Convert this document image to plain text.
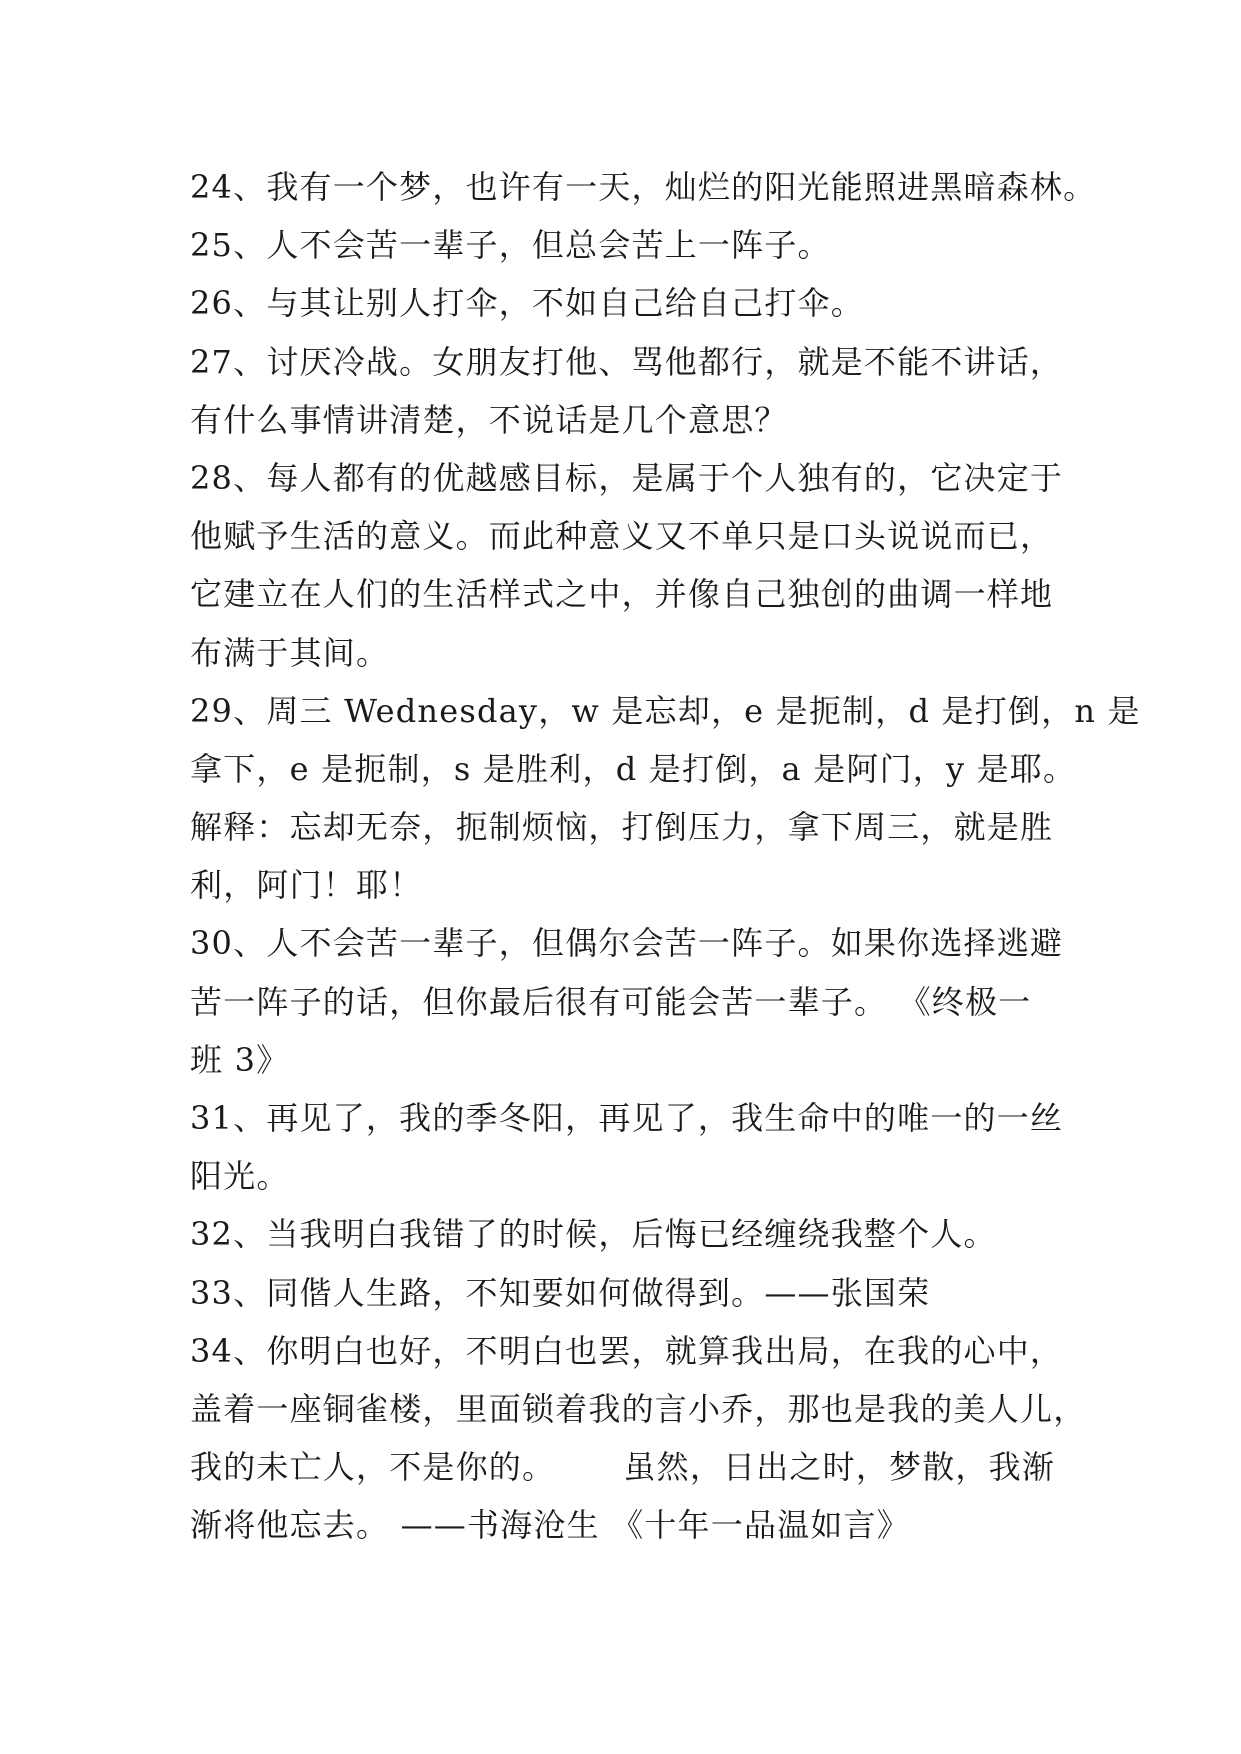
24、我有一个梦，也许有一天，灿烂的阳光能照进黑暗森林。

25、人不会苦一辈子，但总会苦上一阵子。

26、与其让别人打伞，不如自己给自己打伞。

27、讨厌冷战。女朋友打他、骂他都行，就是不能不讲话，

有什么事情讲清楚，不说话是几个意思？

28、每人都有的优越感目标，是属于个人独有的，它决定于

他赋予生活的意义。而此种意义又不单只是口头说说而已，

它建立在人们的生活样式之中，并像自己独创的曲调一样地

布满于其间。

29、周三 Wednesday，w 是忘却，e 是扼制，d 是打倒，n 是

拿下，e 是扼制，s 是胜利，d 是打倒，a 是阿门，y 是耶。

解释：忘却无奈，扼制烦恼，打倒压力，拿下周三，就是胜

利，阿门！耶！

30、人不会苦一辈子，但偶尔会苦一阵子。如果你选择逃避

苦一阵子的话，但你最后很有可能会苦一辈子。 《终极一

班 3》

31、再见了，我的季冬阳，再见了，我生命中的唯一的一丝

阳光。

32、当我明白我错了的时候，后悔已经缠绕我整个人。

33、同偕人生路，不知要如何做得到。——张国荣

34、你明白也好，不明白也罢，就算我出局，在我的心中，

盖着一座铜雀楼，里面锁着我的言小乔，那也是我的美人儿，

我的未亡人，不是你的。      虽然，日出之时，梦散，我渐

渐将他忘去。 ——书海沧生 《十年一品温如言》
